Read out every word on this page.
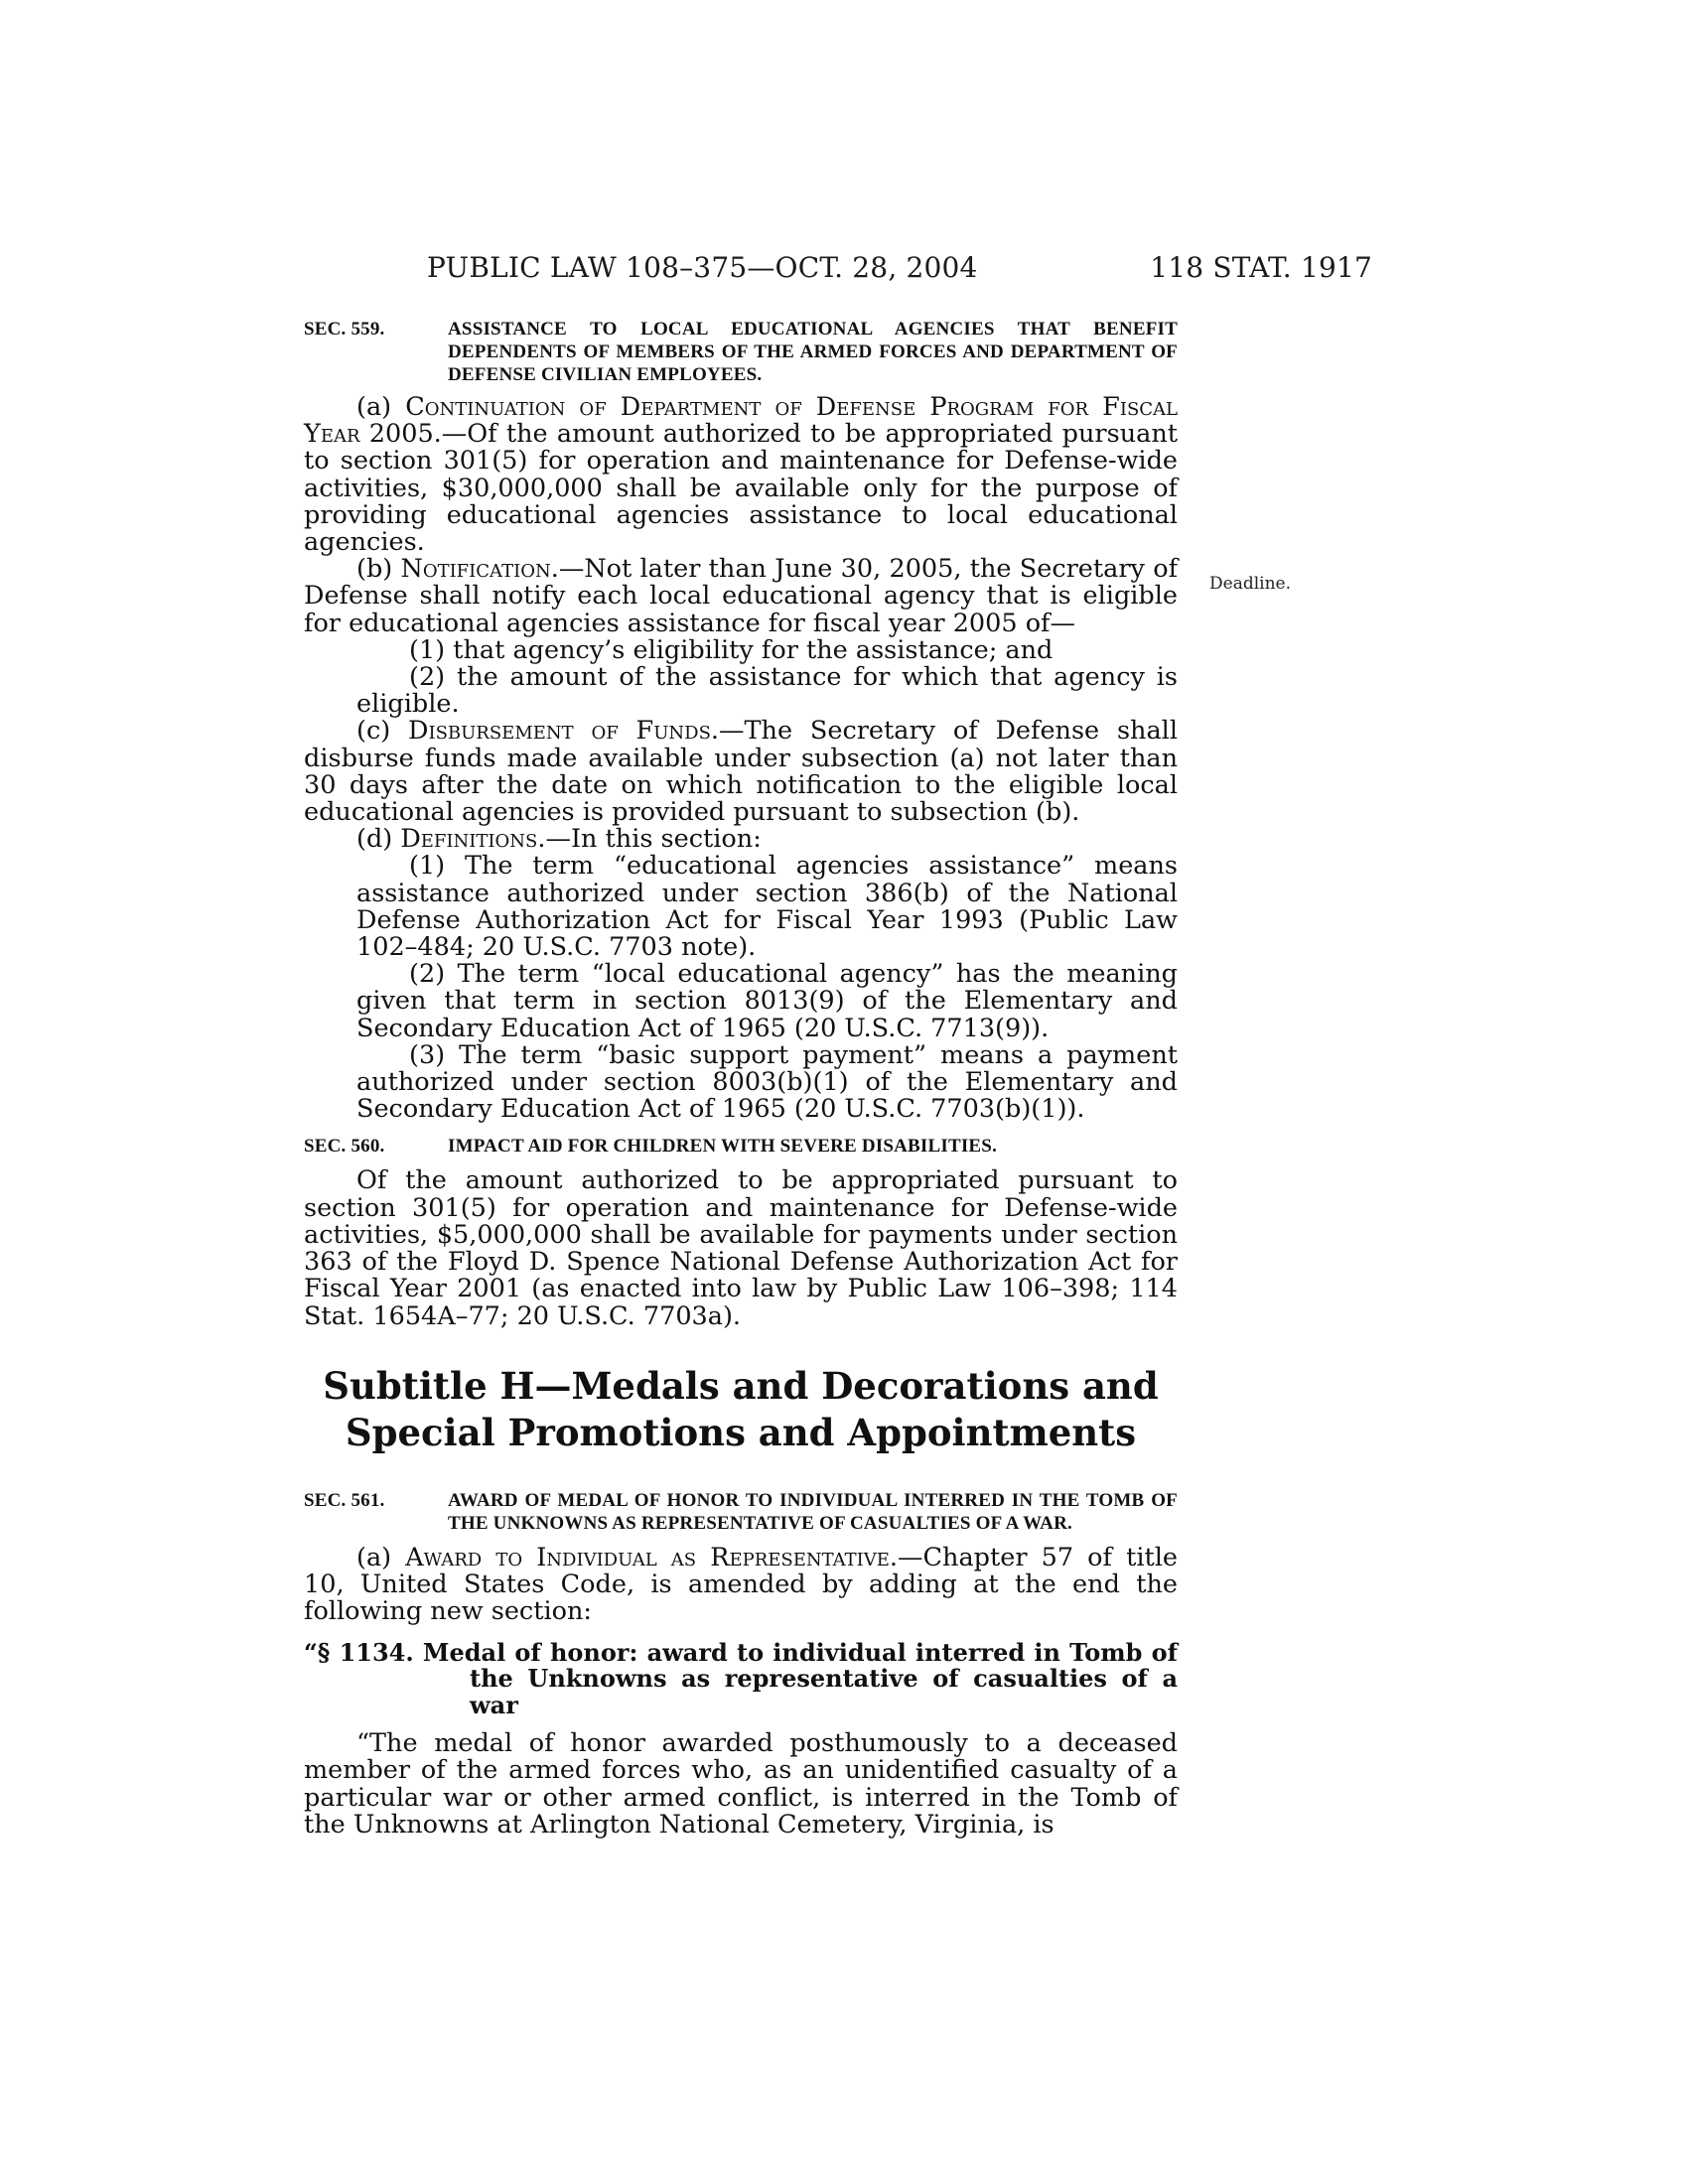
PUBLIC LAW 108–375—OCT. 28, 2004	118 STAT. 1917
Deadline.
SEC. 559.	ASSISTANCE TO LOCAL EDUCATIONAL AGENCIES THAT BENEFIT DEPENDENTS OF MEMBERS OF THE ARMED FORCES AND DEPARTMENT OF DEFENSE CIVILIAN EMPLOYEES.

(a) Continuation of Department of Defense Program for Fiscal Year 2005.—Of the amount authorized to be appropriated pursuant to section 301(5) for operation and maintenance for Defense-wide activities, $30,000,000 shall be available only for the purpose of providing educational agencies assistance to local educational agencies.

(b) Notification.—Not later than June 30, 2005, the Secretary of Defense shall notify each local educational agency that is eligible for educational agencies assistance for fiscal year 2005 of—

(1) that agency’s eligibility for the assistance; and

(2) the amount of the assistance for which that agency is eligible.

(c) Disbursement of Funds.—The Secretary of Defense shall disburse funds made available under subsection (a) not later than 30 days after the date on which notification to the eligible local educational agencies is provided pursuant to subsection (b).

(d) Definitions.—In this section:

(1) The term “educational agencies assistance” means assistance authorized under section 386(b) of the National Defense Authorization Act for Fiscal Year 1993 (Public Law 102–484; 20 U.S.C. 7703 note).

(2) The term “local educational agency” has the meaning given that term in section 8013(9) of the Elementary and Secondary Education Act of 1965 (20 U.S.C. 7713(9)).

(3) The term “basic support payment” means a payment authorized under section 8003(b)(1) of the Elementary and Secondary Education Act of 1965 (20 U.S.C. 7703(b)(1)).

SEC. 560.	IMPACT AID FOR CHILDREN WITH SEVERE DISABILITIES.

Of the amount authorized to be appropriated pursuant to section 301(5) for operation and maintenance for Defense-wide activities, $5,000,000 shall be available for payments under section 363 of the Floyd D. Spence National Defense Authorization Act for Fiscal Year 2001 (as enacted into law by Public Law 106–398; 114 Stat. 1654A–77; 20 U.S.C. 7703a).

Subtitle H—Medals and Decorations and
Special Promotions and Appointments
SEC. 561.	AWARD OF MEDAL OF HONOR TO INDIVIDUAL INTERRED IN THE TOMB OF THE UNKNOWNS AS REPRESENTATIVE OF CASUALTIES OF A WAR.

(a) Award to Individual as Representative.—Chapter 57 of title 10, United States Code, is amended by adding at the end the following new section:

“§ 1134. Medal of honor: award to individual interred in Tomb of the Unknowns as representative of casualties of a war

“The medal of honor awarded posthumously to a deceased member of the armed forces who, as an unidentified casualty of a particular war or other armed conflict, is interred in the Tomb of the Unknowns at Arlington National Cemetery, Virginia, is
